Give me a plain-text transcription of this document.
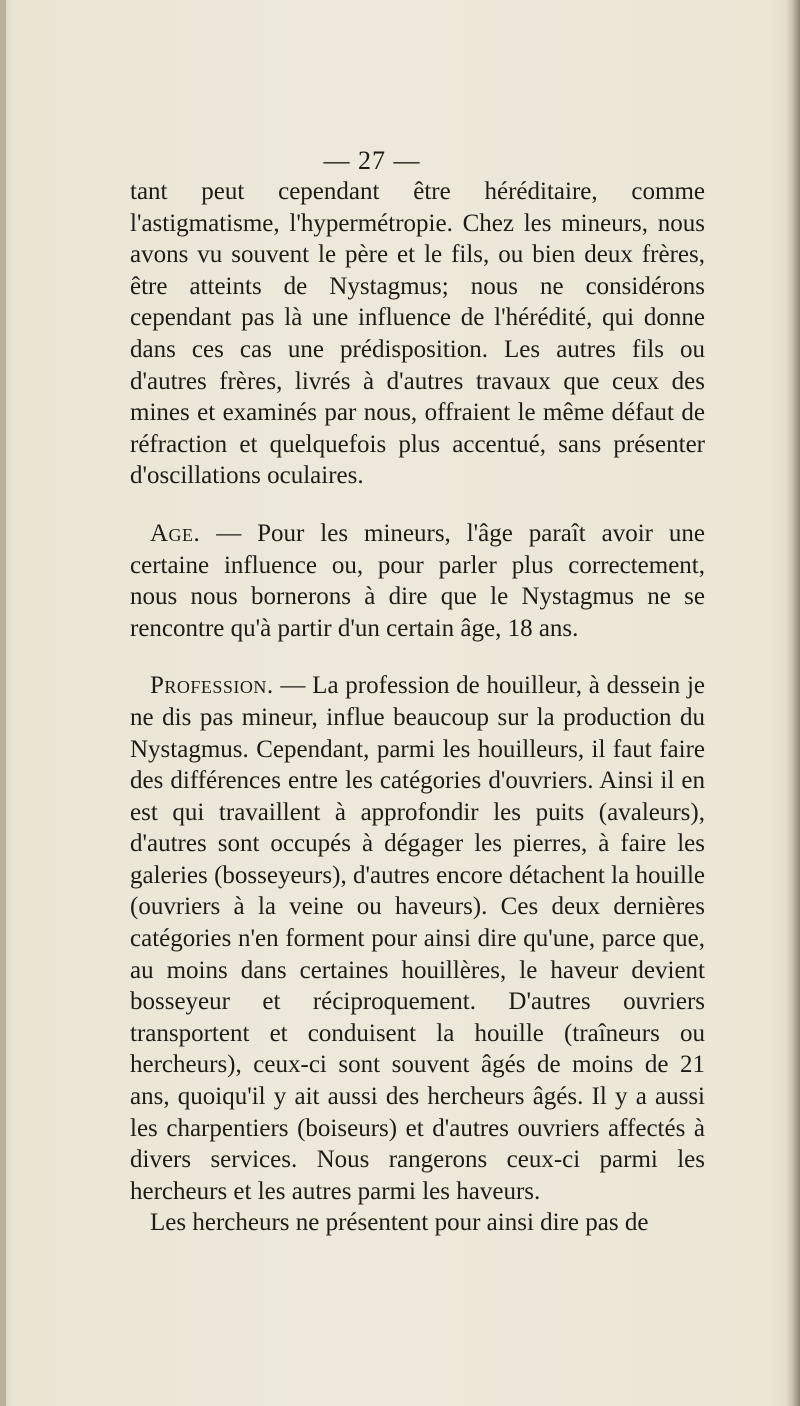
— 27 —

tant peut cependant être héréditaire, comme l'astigmatisme, l'hypermétropie. Chez les mineurs, nous avons vu souvent le père et le fils, ou bien deux frères, être atteints de Nystagmus; nous ne considérons cependant pas là une influence de l'hérédité, qui donne dans ces cas une prédisposition. Les autres fils ou d'autres frères, livrés à d'autres travaux que ceux des mines et examinés par nous, offraient le même défaut de réfraction et quelquefois plus accentué, sans présenter d'oscillations oculaires.

Age. — Pour les mineurs, l'âge paraît avoir une certaine influence ou, pour parler plus correctement, nous nous bornerons à dire que le Nystagmus ne se rencontre qu'à partir d'un certain âge, 18 ans.

Profession. — La profession de houilleur, à dessein je ne dis pas mineur, influe beaucoup sur la production du Nystagmus. Cependant, parmi les houilleurs, il faut faire des différences entre les catégories d'ouvriers. Ainsi il en est qui travaillent à approfondir les puits (avaleurs), d'autres sont occupés à dégager les pierres, à faire les galeries (bosseyeurs), d'autres encore détachent la houille (ouvriers à la veine ou haveurs). Ces deux dernières catégories n'en forment pour ainsi dire qu'une, parce que, au moins dans certaines houillères, le haveur devient bosseyeur et réciproquement. D'autres ouvriers transportent et conduisent la houille (traîneurs ou hercheurs), ceux-ci sont souvent âgés de moins de 21 ans, quoiqu'il y ait aussi des hercheurs âgés. Il y a aussi les charpentiers (boiseurs) et d'autres ouvriers affectés à divers services. Nous rangerons ceux-ci parmi les hercheurs et les autres parmi les haveurs.

Les hercheurs ne présentent pour ainsi dire pas de
